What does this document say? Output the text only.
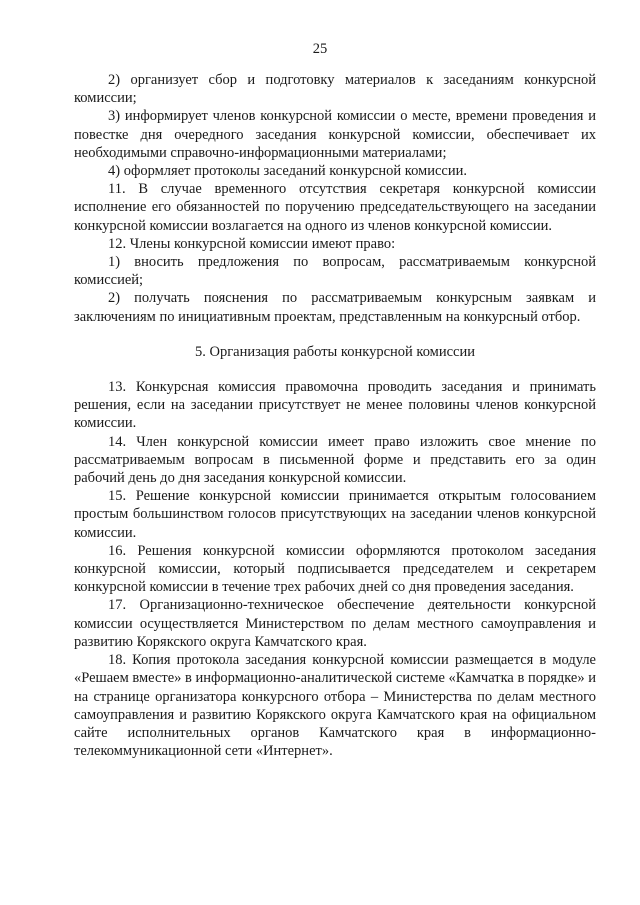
25

2) организует сбор и подготовку материалов к заседаниям конкурсной комиссии;

3) информирует членов конкурсной комиссии о месте, времени проведения и повестке дня очередного заседания конкурсной комиссии, обеспечивает их необходимыми справочно-информационными материалами;

4) оформляет протоколы заседаний конкурсной комиссии.

11. В случае временного отсутствия секретаря конкурсной комиссии исполнение его обязанностей по поручению председательствующего на заседании конкурсной комиссии возлагается на одного из членов конкурсной комиссии.

12. Члены конкурсной комиссии имеют право:

1) вносить предложения по вопросам, рассматриваемым конкурсной комиссией;

2) получать пояснения по рассматриваемым конкурсным заявкам и заключениям по инициативным проектам, представленным на конкурсный отбор.

5. Организация работы конкурсной комиссии

13. Конкурсная комиссия правомочна проводить заседания и принимать решения, если на заседании присутствует не менее половины членов конкурсной комиссии.

14. Член конкурсной комиссии имеет право изложить свое мнение по рассматриваемым вопросам в письменной форме и представить его за один рабочий день до дня заседания конкурсной комиссии.

15. Решение конкурсной комиссии принимается открытым голосованием простым большинством голосов присутствующих на заседании членов конкурсной комиссии.

16. Решения конкурсной комиссии оформляются протоколом заседания конкурсной комиссии, который подписывается председателем и секретарем конкурсной комиссии в течение трех рабочих дней со дня проведения заседания.

17. Организационно-техническое обеспечение деятельности конкурсной комиссии осуществляется Министерством по делам местного самоуправления и развитию Корякского округа Камчатского края.

18. Копия протокола заседания конкурсной комиссии размещается в модуле «Решаем вместе» в информационно-аналитической системе «Камчатка в порядке» и на странице организатора конкурсного отбора – Министерства по делам местного самоуправления и развитию Корякского округа Камчатского края на официальном сайте исполнительных органов Камчатского края в информационно-телекоммуникационной сети «Интернет».
